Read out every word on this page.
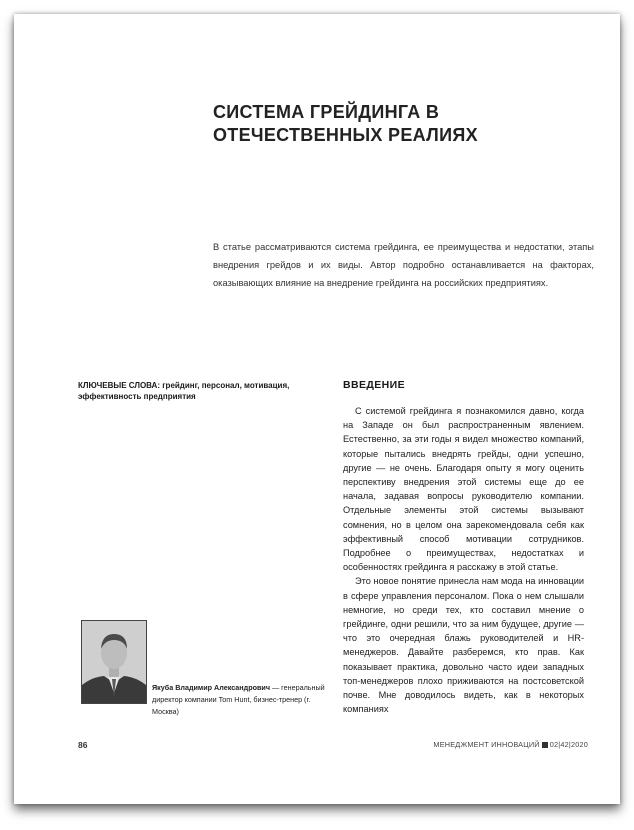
СИСТЕМА ГРЕЙДИНГА В ОТЕЧЕСТВЕННЫХ РЕАЛИЯХ

В статье рассматриваются система грейдинга, ее преимущества и недостатки, этапы внедрения грейдов и их виды. Автор подробно останавливается на факторах, оказывающих влияние на внедрение грейдинга на российских предприятиях.

КЛЮЧЕВЫЕ СЛОВА: грейдинг, персонал, мотивация, эффективность предприятия

ВВЕДЕНИЕ

С системой грейдинга я познакомился давно, когда на Западе он был распространенным явлением. Естественно, за эти годы я видел множество компаний, которые пытались внедрять грейды, одни успешно, другие — не очень. Благодаря опыту я могу оценить перспективу внедрения этой системы еще до ее начала, задавая вопросы руководителю компании. Отдельные элементы этой системы вызывают сомнения, но в целом она зарекомендовала себя как эффективный способ мотивации сотрудников. Подробнее о преимуществах, недостатках и особенностях грейдинга я расскажу в этой статье.

Это новое понятие принесла нам мода на инновации в сфере управления персоналом. Пока о нем слышали немногие, но среди тех, кто составил мнение о грейдинге, одни решили, что за ним будущее, другие — что это очередная блажь руководителей и HR-менеджеров. Давайте разберемся, кто прав. Как показывает практика, довольно часто идеи западных топ-менеджеров плохо приживаются на постсоветской почве. Мне доводилось видеть, как в некоторых компаниях

Якуба Владимир Александрович — генеральный директор компании Tom Hunt, бизнес-тренер (г. Москва)

86	МЕНЕДЖМЕНТ ИННОВАЦИЙ 02|42|2020
